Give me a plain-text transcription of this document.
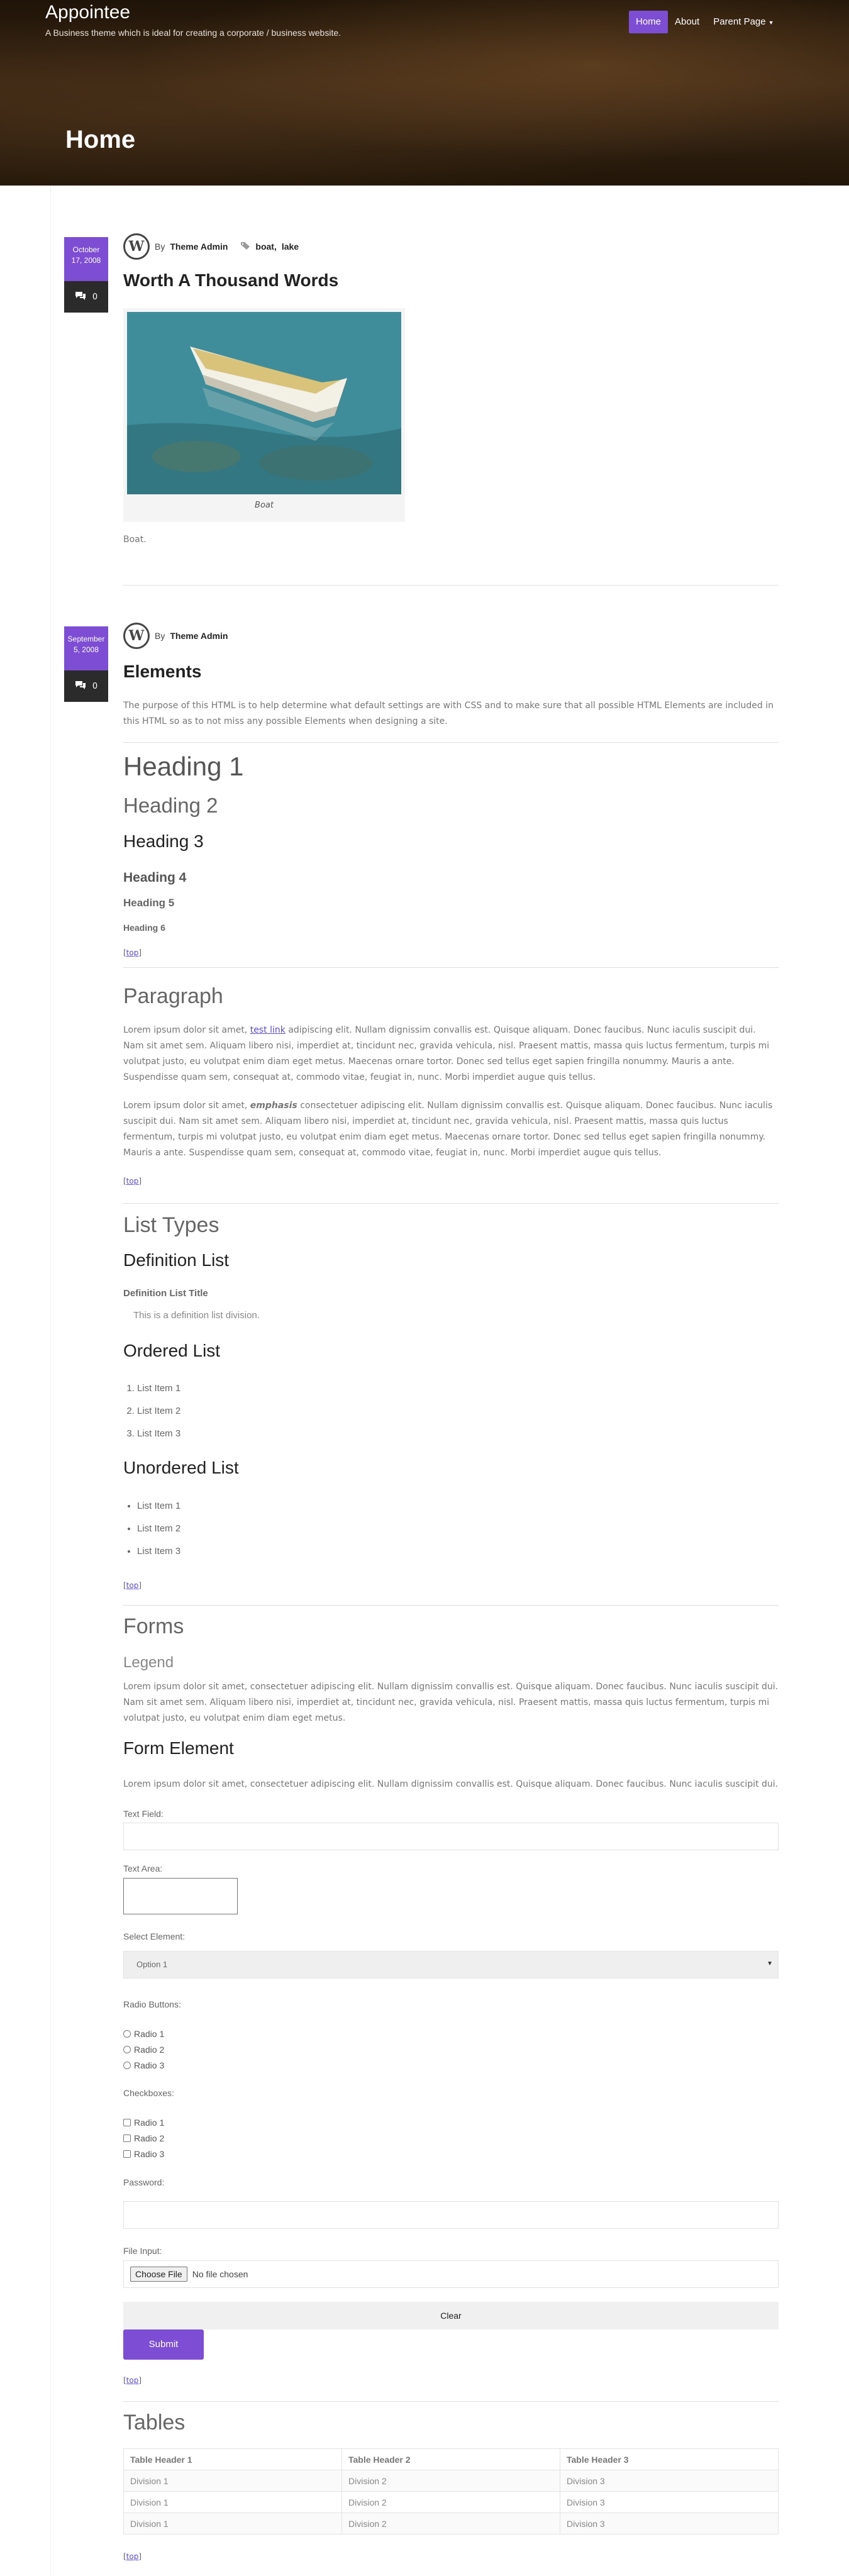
Appointee
A Business theme which is ideal for creating a corporate / business website.
Home	About	Parent Page ▼
Home
October
17, 2008
0
W	By Theme Admin	boat, lake
Worth A Thousand Words
Boat

Boat.

September
5, 2008
0
W	By Theme Admin
Elements

The purpose of this HTML is to help determine what default settings are with CSS and to make sure that all possible HTML Elements are included in this HTML so as to not miss any possible Elements when designing a site.

Heading 1
Heading 2
Heading 3
Heading 4
Heading 5
Heading 6
[top]
Paragraph

Lorem ipsum dolor sit amet, test link adipiscing elit. Nullam dignissim convallis est. Quisque aliquam. Donec faucibus. Nunc iaculis suscipit dui. Nam sit amet sem. Aliquam libero nisi, imperdiet at, tincidunt nec, gravida vehicula, nisl. Praesent mattis, massa quis luctus fermentum, turpis mi volutpat justo, eu volutpat enim diam eget metus. Maecenas ornare tortor. Donec sed tellus eget sapien fringilla nonummy. Mauris a ante. Suspendisse quam sem, consequat at, commodo vitae, feugiat in, nunc. Morbi imperdiet augue quis tellus.

Lorem ipsum dolor sit amet, emphasis consectetuer adipiscing elit. Nullam dignissim convallis est. Quisque aliquam. Donec faucibus. Nunc iaculis suscipit dui. Nam sit amet sem. Aliquam libero nisi, imperdiet at, tincidunt nec, gravida vehicula, nisl. Praesent mattis, massa quis luctus fermentum, turpis mi volutpat justo, eu volutpat enim diam eget metus. Maecenas ornare tortor. Donec sed tellus eget sapien fringilla nonummy. Mauris a ante. Suspendisse quam sem, consequat at, commodo vitae, feugiat in, nunc. Morbi imperdiet augue quis tellus.

[top]
List Types
Definition List
Definition List Title
This is a definition list division.
Ordered List
1. List Item 1
2. List Item 2
3. List Item 3
Unordered List
• List Item 1
• List Item 2
• List Item 3
[top]
Forms
Legend

Lorem ipsum dolor sit amet, consectetuer adipiscing elit. Nullam dignissim convallis est. Quisque aliquam. Donec faucibus. Nunc iaculis suscipit dui. Nam sit amet sem. Aliquam libero nisi, imperdiet at, tincidunt nec, gravida vehicula, nisl. Praesent mattis, massa quis luctus fermentum, turpis mi volutpat justo, eu volutpat enim diam eget metus.

Form Element

Lorem ipsum dolor sit amet, consectetuer adipiscing elit. Nullam dignissim convallis est. Quisque aliquam. Donec faucibus. Nunc iaculis suscipit dui.

Text Field:
Text Area:
Select Element:
Option 1	▼
Radio Buttons:
Radio 1
Radio 2
Radio 3
Checkboxes:
Radio 1
Radio 2
Radio 3
Password:
File Input:
Choose File	No file chosen
Clear
Submit
[top]
Tables
Table Header 1	Table Header 2	Table Header 3
Division 1	Division 2	Division 3
Division 1	Division 2	Division 3
Division 1	Division 2	Division 3
[top]
